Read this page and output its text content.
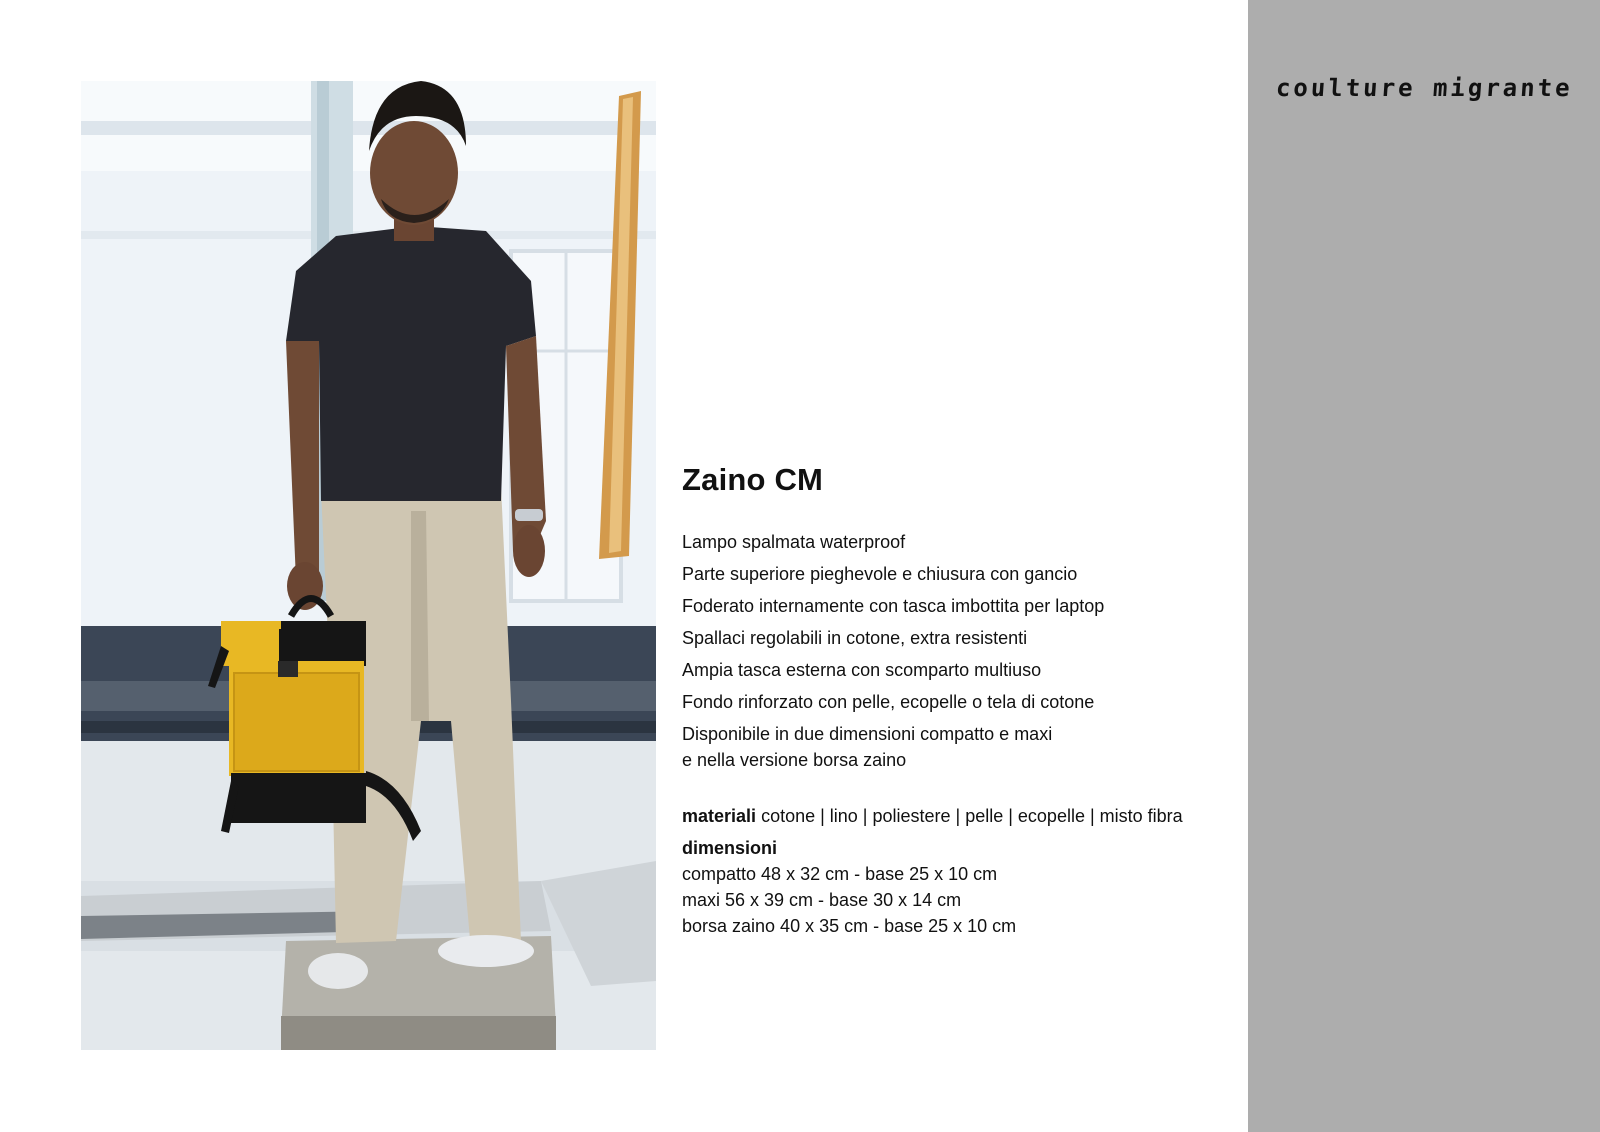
Zaino CM
Lampo spalmata waterproof
Parte superiore pieghevole e chiusura con gancio
Foderato internamente con tasca imbottita per laptop
Spallaci regolabili in cotone, extra resistenti
Ampia tasca esterna con scomparto multiuso
Fondo rinforzato con pelle, ecopelle o tela di cotone
Disponibile in due dimensioni compatto e maxi
e nella versione borsa zaino
materiali cotone | lino | poliestere | pelle | ecopelle | misto fibra
dimensioni
compatto 48 x 32 cm - base 25 x 10 cm
maxi 56 x 39 cm - base 30 x 14 cm
borsa zaino 40 x 35 cm - base 25 x 10 cm
coulture migrante
